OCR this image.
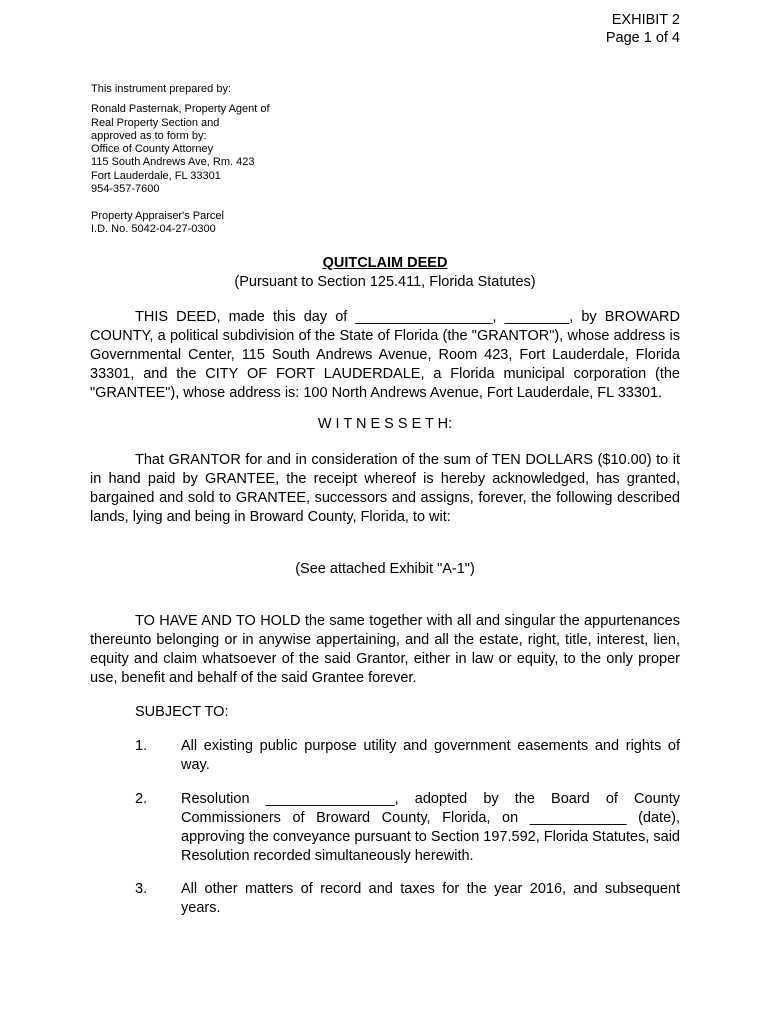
EXHIBIT 2
Page 1 of 4
This instrument prepared by:
Ronald Pasternak, Property Agent of
Real Property Section and
approved as to form by:
Office of County Attorney
115 South Andrews Ave, Rm. 423
Fort Lauderdale, FL 33301
954-357-7600
Property Appraiser's Parcel
I.D. No. 5042-04-27-0300
QUITCLAIM DEED
(Pursuant to Section 125.411, Florida Statutes)
THIS DEED, made this day of _________________, ________, by BROWARD COUNTY, a political subdivision of the State of Florida (the "GRANTOR"), whose address is Governmental Center, 115 South Andrews Avenue, Room 423, Fort Lauderdale, Florida 33301, and the CITY OF FORT LAUDERDALE, a Florida municipal corporation (the "GRANTEE"), whose address is: 100 North Andrews Avenue, Fort Lauderdale, FL 33301.
W I T N E S S E T H:
That GRANTOR for and in consideration of the sum of TEN DOLLARS ($10.00) to it in hand paid by GRANTEE, the receipt whereof is hereby acknowledged, has granted, bargained and sold to GRANTEE, successors and assigns, forever, the following described lands, lying and being in Broward County, Florida, to wit:
(See attached Exhibit "A-1")
TO HAVE AND TO HOLD the same together with all and singular the appurtenances thereunto belonging or in anywise appertaining, and all the estate, right, title, interest, lien, equity and claim whatsoever of the said Grantor, either in law or equity, to the only proper use, benefit and behalf of the said Grantee forever.
SUBJECT TO:
1. All existing public purpose utility and government easements and rights of way.
2. Resolution ________________, adopted by the Board of County Commissioners of Broward County, Florida, on ____________ (date), approving the conveyance pursuant to Section 197.592, Florida Statutes, said Resolution recorded simultaneously herewith.
3. All other matters of record and taxes for the year 2016, and subsequent years.
